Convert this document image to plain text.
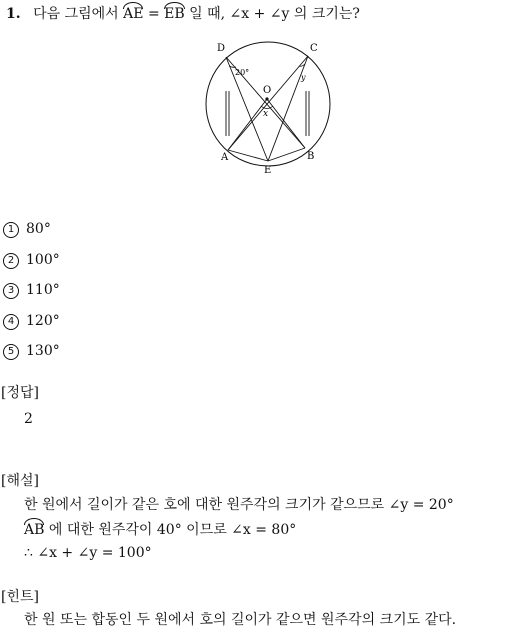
1. 다음 그림에서 AE = EB 일 때, ∠x + ∠y 의 크기는?
D	C
O
A	B
E
20°
y
x
1 80°
2 100°
3 110°
4 120°
5 130°
[정답]
2
[해설]
한 원에서 길이가 같은 호에 대한 원주각의 크기가 같으므로 ∠y = 20°
AB 에 대한 원주각이 40° 이므로 ∠x = 80°
∴ ∠x + ∠y = 100°
[힌트]
한 원 또는 합동인 두 원에서 호의 길이가 같으면 원주각의 크기도 같다.
